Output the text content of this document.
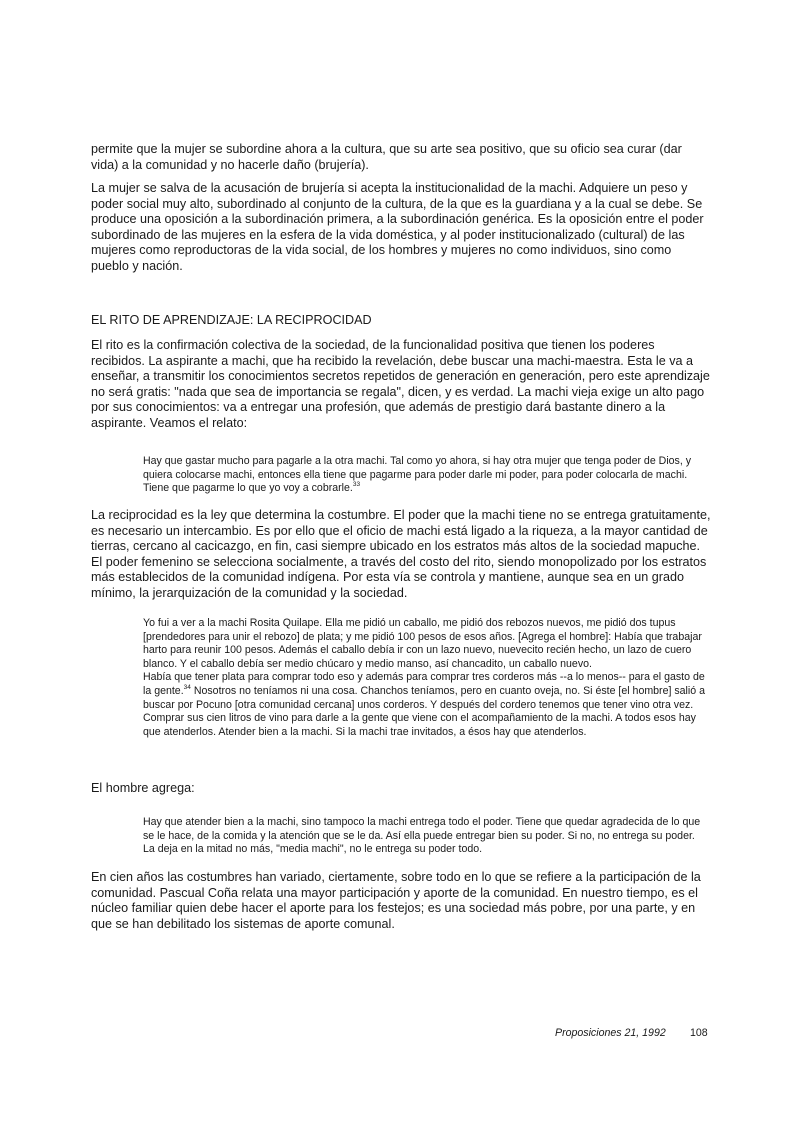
permite que la mujer se subordine ahora a la cultura, que su arte sea positivo, que su oficio sea curar (dar vida) a la comunidad y no hacerle daño (brujería).

La mujer se salva de la acusación de brujería si acepta la institucionalidad de la machi. Adquiere un peso y poder social muy alto, subordinado al conjunto de la cultura, de la que es la guardiana y a la cual se debe. Se produce una oposición a la subordinación primera, a la subordinación genérica. Es la oposición entre el poder subordinado de las mujeres en la esfera de la vida doméstica, y al poder institucionalizado (cultural) de las mujeres como reproductoras de la vida social, de los hombres y mujeres no como individuos, sino como pueblo y nación.

EL RITO DE APRENDIZAJE: LA RECIPROCIDAD

El rito es la confirmación colectiva de la sociedad, de la funcionalidad positiva que tienen los poderes recibidos. La aspirante a machi, que ha recibido la revelación, debe buscar una machi-maestra. Esta le va a enseñar, a transmitir los conocimientos secretos repetidos de generación en generación, pero este aprendizaje no será gratis: "nada que sea de importancia se regala", dicen, y es verdad. La machi vieja exige un alto pago por sus conocimientos: va a entregar una profesión, que además de prestigio dará bastante dinero a la aspirante. Veamos el relato:

Hay que gastar mucho para pagarle a la otra machi. Tal como yo ahora, si hay otra mujer que tenga poder de Dios, y quiera colocarse machi, entonces ella tiene que pagarme para poder darle mi poder, para poder colocarla de machi. Tiene que pagarme lo que yo voy a cobrarle.$^{33}$

La reciprocidad es la ley que determina la costumbre. El poder que la machi tiene no se entrega gratuitamente, es necesario un intercambio. Es por ello que el oficio de machi está ligado a la riqueza, a la mayor cantidad de tierras, cercano al cacicazgo, en fin, casi siempre ubicado en los estratos más altos de la sociedad mapuche. El poder femenino se selecciona socialmente, a través del costo del rito, siendo monopolizado por los estratos más establecidos de la comunidad indígena. Por esta vía se controla y mantiene, aunque sea en un grado mínimo, la jerarquización de la comunidad y la sociedad.

Yo fui a ver a la machi Rosita Quilape. Ella me pidió un caballo, me pidió dos rebozos nuevos, me pidió dos tupus [prendedores para unir el rebozo] de plata; y me pidió 100 pesos de esos años. [Agrega el hombre]: Había que trabajar harto para reunir 100 pesos. Además el caballo debía ir con un lazo nuevo, nuevecito recién hecho, un lazo de cuero blanco. Y el caballo debía ser medio chúcaro y medio manso, así chancadito, un caballo nuevo.
Había que tener plata para comprar todo eso y además para comprar tres corderos más --a lo menos-- para el gasto de la gente.$^{34}$ Nosotros no teníamos ni una cosa. Chanchos teníamos, pero en cuanto oveja, no. Si éste [el hombre] salió a buscar por Pocuno [otra comunidad cercana] unos corderos. Y después del cordero tenemos que tener vino otra vez. Comprar sus cien litros de vino para darle a la gente que viene con el acompañamiento de la machi. A todos esos hay que atenderlos. Atender bien a la machi. Si la machi trae invitados, a ésos hay que atenderlos.

El hombre agrega:

Hay que atender bien a la machi, sino tampoco la machi entrega todo el poder. Tiene que quedar agradecida de lo que se le hace, de la comida y la atención que se le da. Así ella puede entregar bien su poder. Si no, no entrega su poder. La deja en la mitad no más, "media machi", no le entrega su poder todo.

En cien años las costumbres han variado, ciertamente, sobre todo en lo que se refiere a la participación de la comunidad. Pascual Coña relata una mayor participación y aporte de la comunidad. En nuestro tiempo, es el núcleo familiar quien debe hacer el aporte para los festejos; es una sociedad más pobre, por una parte, y en que se han debilitado los sistemas de aporte comunal.

Proposiciones 21, 1992 108
